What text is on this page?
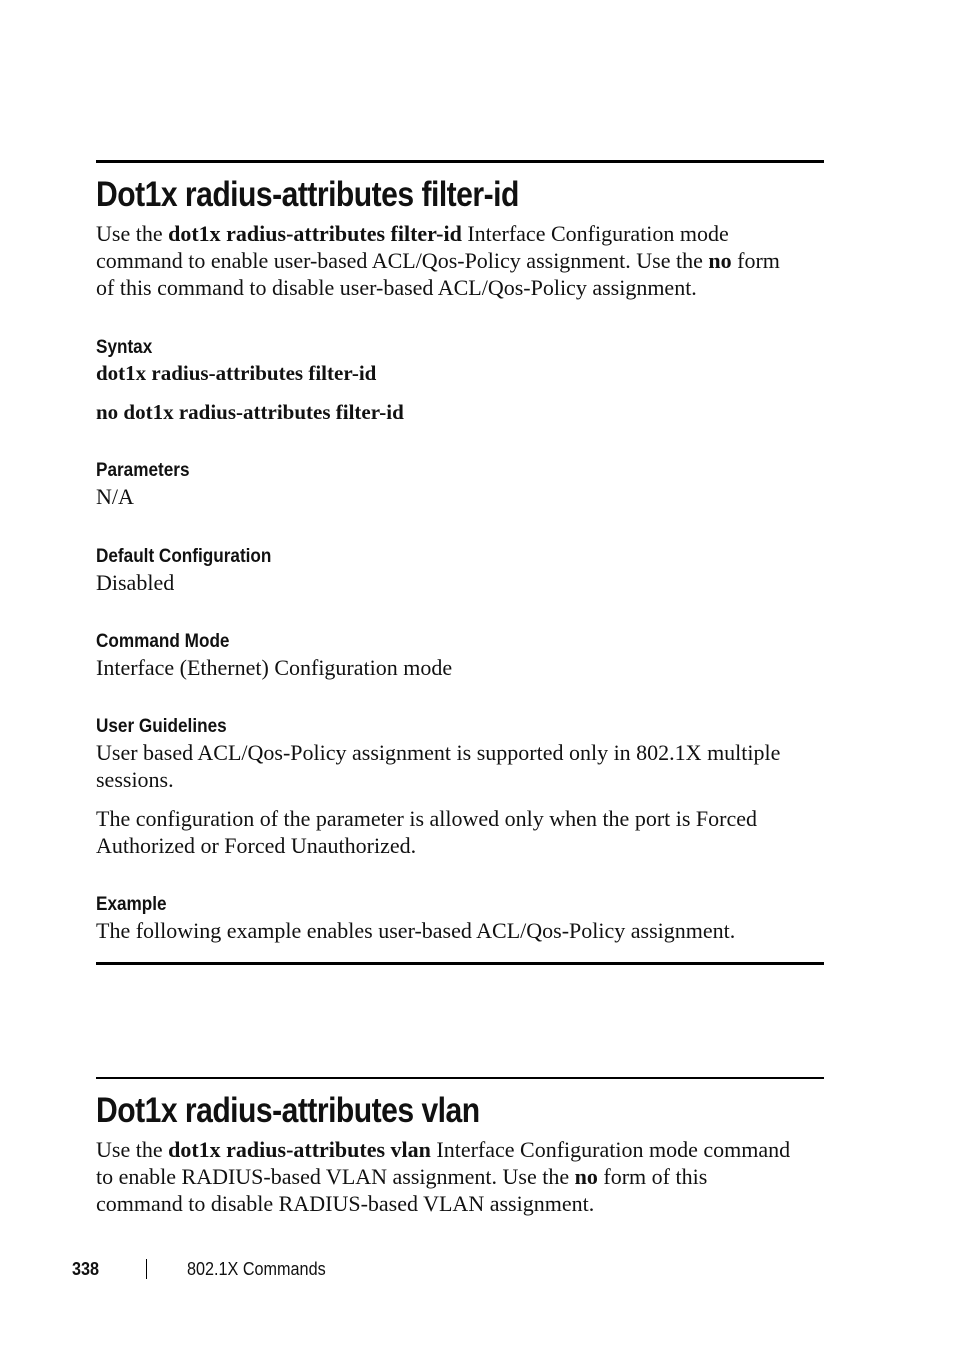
Dot1x radius-attributes filter-id
Use the dot1x radius-attributes filter-id Interface Configuration mode
command to enable user-based ACL/Qos-Policy assignment. Use the no form
of this command to disable user-based ACL/Qos-Policy assignment.
Syntax
dot1x radius-attributes filter-id
no dot1x radius-attributes filter-id
Parameters
N/A
Default Configuration
Disabled
Command Mode
Interface (Ethernet) Configuration mode
User Guidelines
User based ACL/Qos-Policy assignment is supported only in 802.1X multiple
sessions.
The configuration of the parameter is allowed only when the port is Forced
Authorized or Forced Unauthorized.
Example
The following example enables user-based ACL/Qos-Policy assignment.
Dot1x radius-attributes vlan
Use the dot1x radius-attributes vlan Interface Configuration mode command
to enable RADIUS-based VLAN assignment. Use the no form of this
command to disable RADIUS-based VLAN assignment.
338	802.1X Commands
